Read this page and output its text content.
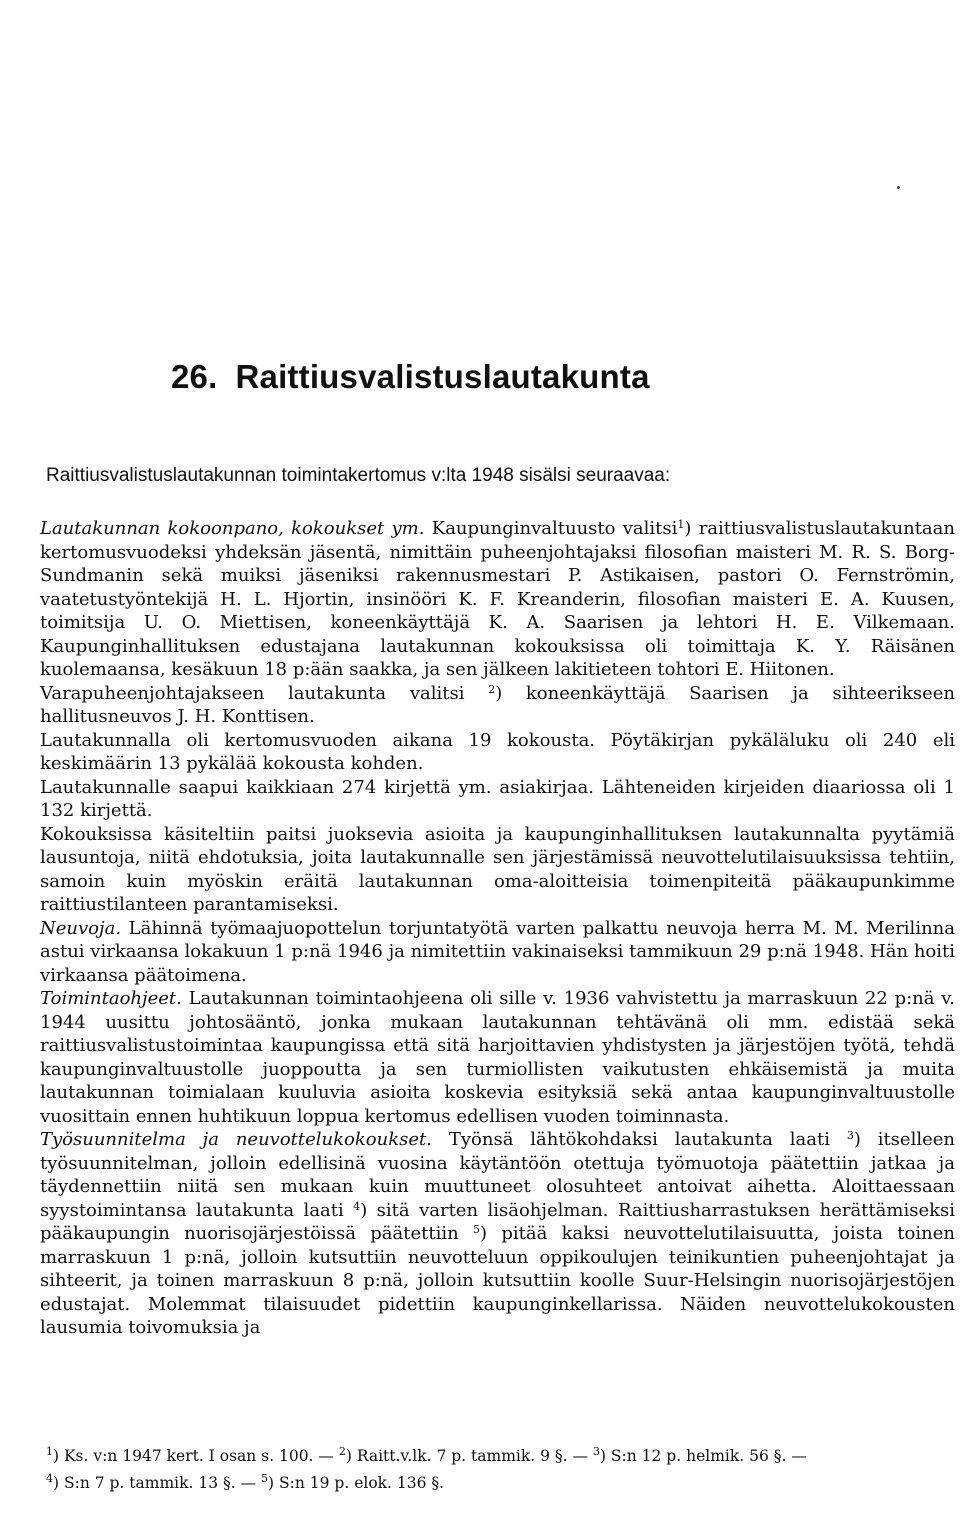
26. Raittiusvalistuslautakunta

Raittiusvalistuslautakunnan toimintakertomus v:lta 1948 sisälsi seuraavaa:

Lautakunnan kokoonpano, kokoukset ym. Kaupunginvaltuusto valitsi$^1$) raittiusvalistuslautakuntaan kertomusvuodeksi yhdeksän jäsentä, nimittäin puheenjohtajaksi filosofian maisteri M. R. S. Borg-Sundmanin sekä muiksi jäseniksi rakennusmestari P. Astikaisen, pastori O. Fernströmin, vaatetustyöntekijä H. L. Hjortin, insinööri K. F. Kreanderin, filosofian maisteri E. A. Kuusen, toimitsija U. O. Miettisen, koneenkäyttäjä K. A. Saarisen ja lehtori H. E. Vilkemaan. Kaupunginhallituksen edustajana lautakunnan kokouksissa oli toimittaja K. Y. Räisänen kuolemaansa, kesäkuun 18 p:ään saakka, ja sen jälkeen lakitieteen tohtori E. Hiitonen.

Varapuheenjohtajakseen lautakunta valitsi $^2$) koneenkäyttäjä Saarisen ja sihteerikseen hallitusneuvos J. H. Konttisen.

Lautakunnalla oli kertomusvuoden aikana 19 kokousta. Pöytäkirjan pykäläluku oli 240 eli keskimäärin 13 pykälää kokousta kohden.

Lautakunnalle saapui kaikkiaan 274 kirjettä ym. asiakirjaa. Lähteneiden kirjeiden diaariossa oli 1 132 kirjettä.

Kokouksissa käsiteltiin paitsi juoksevia asioita ja kaupunginhallituksen lautakunnalta pyytämiä lausuntoja, niitä ehdotuksia, joita lautakunnalle sen järjestämissä neuvottelutilaisuuksissa tehtiin, samoin kuin myöskin eräitä lautakunnan oma-aloitteisia toimenpiteitä pääkaupunkimme raittiustilanteen parantamiseksi.

Neuvoja. Lähinnä työmaajuopottelun torjuntatyötä varten palkattu neuvoja herra M. M. Merilinna astui virkaansa lokakuun 1 p:nä 1946 ja nimitettiin vakinaiseksi tammikuun 29 p:nä 1948. Hän hoiti virkaansa päätoimena.

Toimintaohjeet. Lautakunnan toimintaohjeena oli sille v. 1936 vahvistettu ja marraskuun 22 p:nä v. 1944 uusittu johtosääntö, jonka mukaan lautakunnan tehtävänä oli mm. edistää sekä raittiusvalistustoimintaa kaupungissa että sitä harjoittavien yhdistysten ja järjestöjen työtä, tehdä kaupunginvaltuustolle juoppoutta ja sen turmiollisten vaikutusten ehkäisemistä ja muita lautakunnan toimialaan kuuluvia asioita koskevia esityksiä sekä antaa kaupunginvaltuustolle vuosittain ennen huhtikuun loppua kertomus edellisen vuoden toiminnasta.

Työsuunnitelma ja neuvottelukokoukset. Työnsä lähtökohdaksi lautakunta laati $^3$) itselleen työsuunnitelman, jolloin edellisinä vuosina käytäntöön otettuja työmuotoja päätettiin jatkaa ja täydennettiin niitä sen mukaan kuin muuttuneet olosuhteet antoivat aihetta. Aloittaessaan syystoimintansa lautakunta laati $^4$) sitä varten lisäohjelman. Raittiusharrastuksen herättämiseksi pääkaupungin nuorisojärjestöissä päätettiin $^5$) pitää kaksi neuvottelutilaisuutta, joista toinen marraskuun 1 p:nä, jolloin kutsuttiin neuvotteluun oppikoulujen teinikuntien puheenjohtajat ja sihteerit, ja toinen marraskuun 8 p:nä, jolloin kutsuttiin koolle Suur-Helsingin nuorisojärjestöjen edustajat. Molemmat tilaisuudet pidettiin kaupunginkellarissa. Näiden neuvottelukokousten lausumia toivomuksia ja

$^1$) Ks. v:n 1947 kert. I osan s. 100. — $^2$) Raitt.v.lk. 7 p. tammik. 9 §. — $^3$) S:n 12 p. helmik. 56 §. —
$^4$) S:n 7 p. tammik. 13 §. — $^5$) S:n 19 p. elok. 136 §.
